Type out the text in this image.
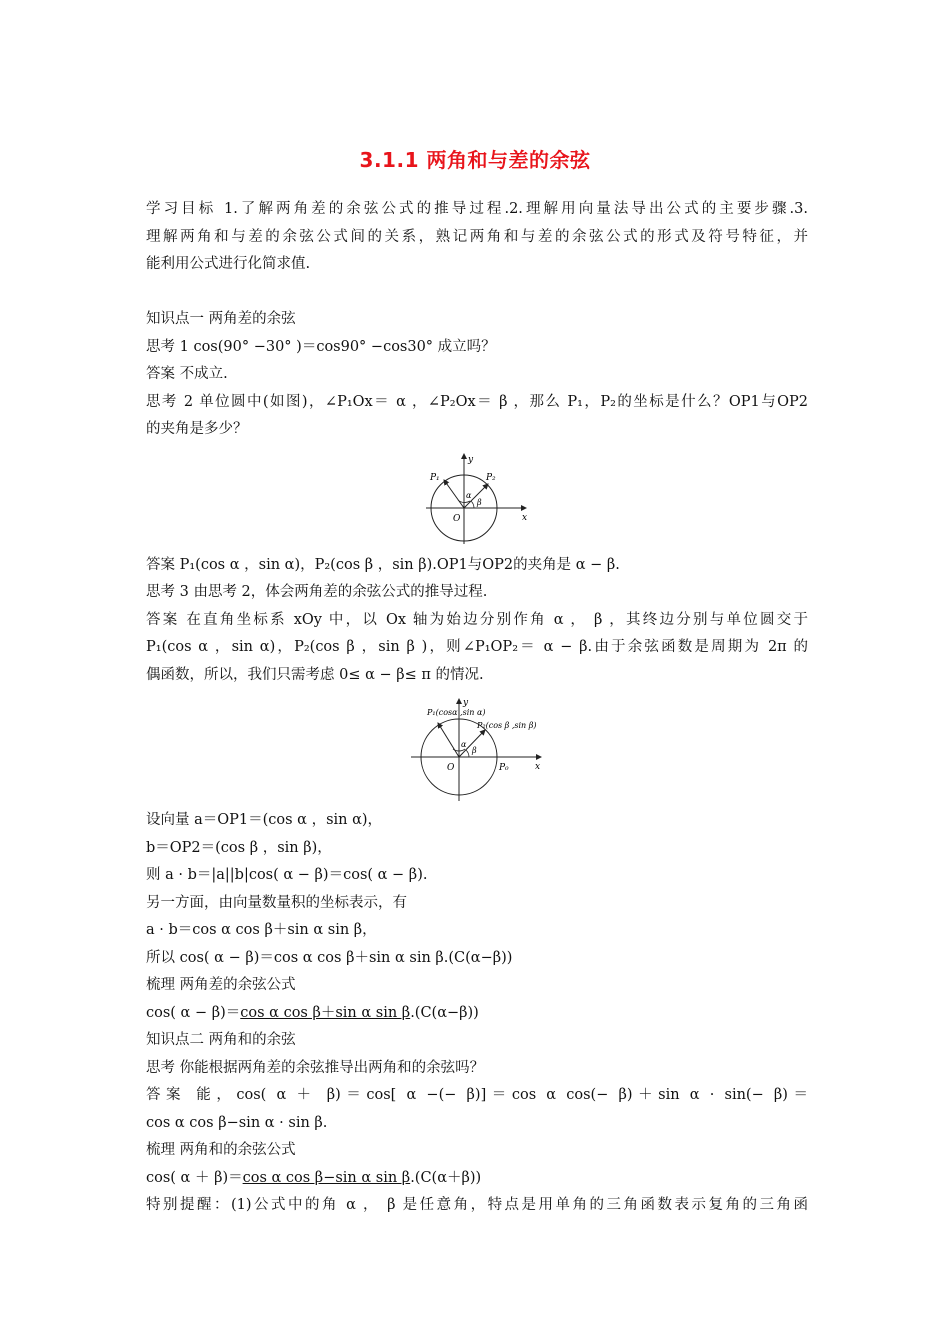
3.1.1 两角和与差的余弦
学习目标 1.了解两角差的余弦公式的推导过程.2.理解用向量法导出公式的主要步骤.3.
理解两角和与差的余弦公式间的关系，熟记两角和与差的余弦公式的形式及符号特征，并
能利用公式进行化简求值.
知识点一 两角差的余弦
思考 1 cos(90° −30° )＝cos90° −cos30° 成立吗？
答案 不成立.
思考 2 单位圆中(如图)，∠P₁Ox＝ α ，∠P₂Ox＝ β ，那么 P₁，P₂的坐标是什么？OP1与OP2
的夹角是多少？
y
x
O
P₁	P₂
α
β
答案 P₁(cos α ，sin α)，P₂(cos β ，sin β).OP1与OP2的夹角是 α − β.
思考 3 由思考 2，体会两角差的余弦公式的推导过程.
答案 在直角坐标系 xOy 中，以 Ox 轴为始边分别作角 α ， β ，其终边分别与单位圆交于
P₁(cos α ，sin α)，P₂(cos β ，sin β )，则∠P₁OP₂＝ α − β.由于余弦函数是周期为 2π 的
偶函数，所以，我们只需考虑 0≤ α − β≤ π 的情况.
y
x
O	P₀
P₁(cosα ,sin α)
P₂(cos β ,sin β)
α
β
设向量 a＝OP1＝(cos α ，sin α)，
b＝OP2＝(cos β ，sin β)，
则 a · b＝|a||b|cos( α − β)＝cos( α − β).
另一方面，由向量数量积的坐标表示，有
a · b＝cos α cos β＋sin α sin β，
所以 cos( α − β)＝cos α cos β＋sin α sin β.(C(α−β))
梳理 两角差的余弦公式
cos( α − β)＝cos α cos β＋sin α sin β.(C(α−β))
知识点二 两角和的余弦
思考 你能根据两角差的余弦推导出两角和的余弦吗？
答案 能，cos( α ＋ β)＝cos[ α −(− β)]＝cos α cos(− β)＋sin α · sin(− β)＝
cos α cos β−sin α · sin β.
梳理 两角和的余弦公式
cos( α ＋ β)＝cos α cos β−sin α sin β.(C(α＋β))
特别提醒：(1)公式中的角 α ， β 是任意角，特点是用单角的三角函数表示复角的三角函
